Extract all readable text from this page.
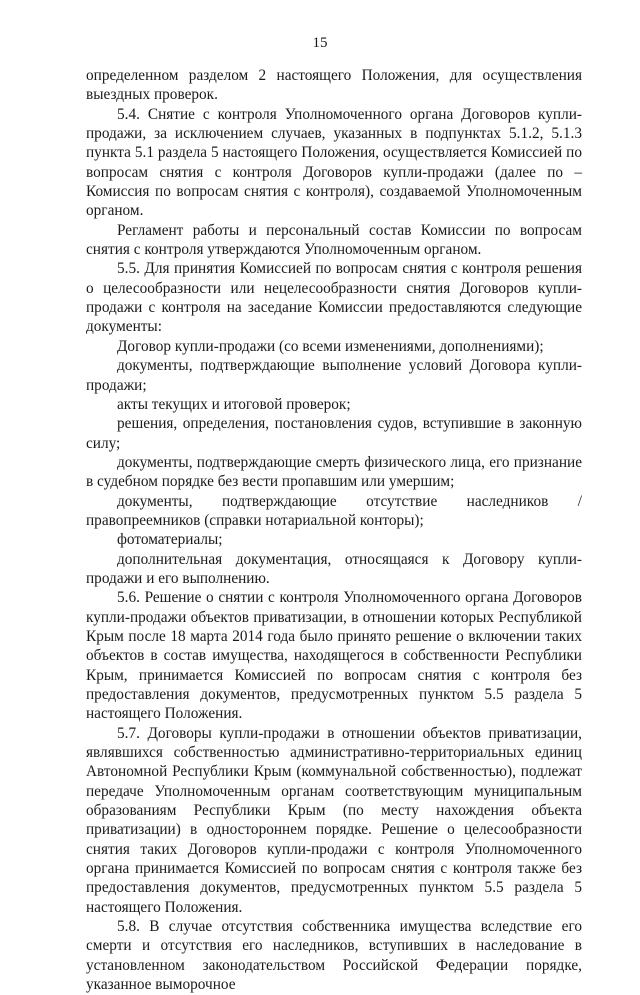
15

определенном разделом 2 настоящего Положения, для осуществления выездных проверок.

5.4. Снятие с контроля Уполномоченного органа Договоров купли-продажи, за исключением случаев, указанных в подпунктах 5.1.2, 5.1.3 пункта 5.1 раздела 5 настоящего Положения, осуществляется Комиссией по вопросам снятия с контроля Договоров купли-продажи (далее по – Комиссия по вопросам снятия с контроля), создаваемой Уполномоченным органом.

Регламент работы и персональный состав Комиссии по вопросам снятия с контроля утверждаются Уполномоченным органом.

5.5. Для принятия Комиссией по вопросам снятия с контроля решения о целесообразности или нецелесообразности снятия Договоров купли-продажи с контроля на заседание Комиссии предоставляются следующие документы:

Договор купли-продажи (со всеми изменениями, дополнениями);

документы, подтверждающие выполнение условий Договора купли-продажи;

акты текущих и итоговой проверок;

решения, определения, постановления судов, вступившие в законную силу;

документы, подтверждающие смерть физического лица, его признание в судебном порядке без вести пропавшим или умершим;

документы, подтверждающие отсутствие наследников /правопреемников (справки нотариальной конторы);

фотоматериалы;

дополнительная документация, относящаяся к Договору купли-продажи и его выполнению.

5.6. Решение о снятии с контроля Уполномоченного органа Договоров купли-продажи объектов приватизации, в отношении которых Республикой Крым после 18 марта 2014 года было принято решение о включении таких объектов в состав имущества, находящегося в собственности Республики Крым, принимается Комиссией по вопросам снятия с контроля без предоставления документов, предусмотренных пунктом 5.5 раздела 5 настоящего Положения.

5.7. Договоры купли-продажи в отношении объектов приватизации, являвшихся собственностью административно-территориальных единиц Автономной Республики Крым (коммунальной собственностью), подлежат передаче Уполномоченным органам соответствующим муниципальным образованиям Республики Крым (по месту нахождения объекта приватизации) в одностороннем порядке. Решение о целесообразности снятия таких Договоров купли-продажи с контроля Уполномоченного органа принимается Комиссией по вопросам снятия с контроля также без предоставления документов, предусмотренных пунктом 5.5 раздела 5 настоящего Положения.

5.8. В случае отсутствия собственника имущества вследствие его смерти и отсутствия его наследников, вступивших в наследование в установленном законодательством Российской Федерации порядке, указанное выморочное
